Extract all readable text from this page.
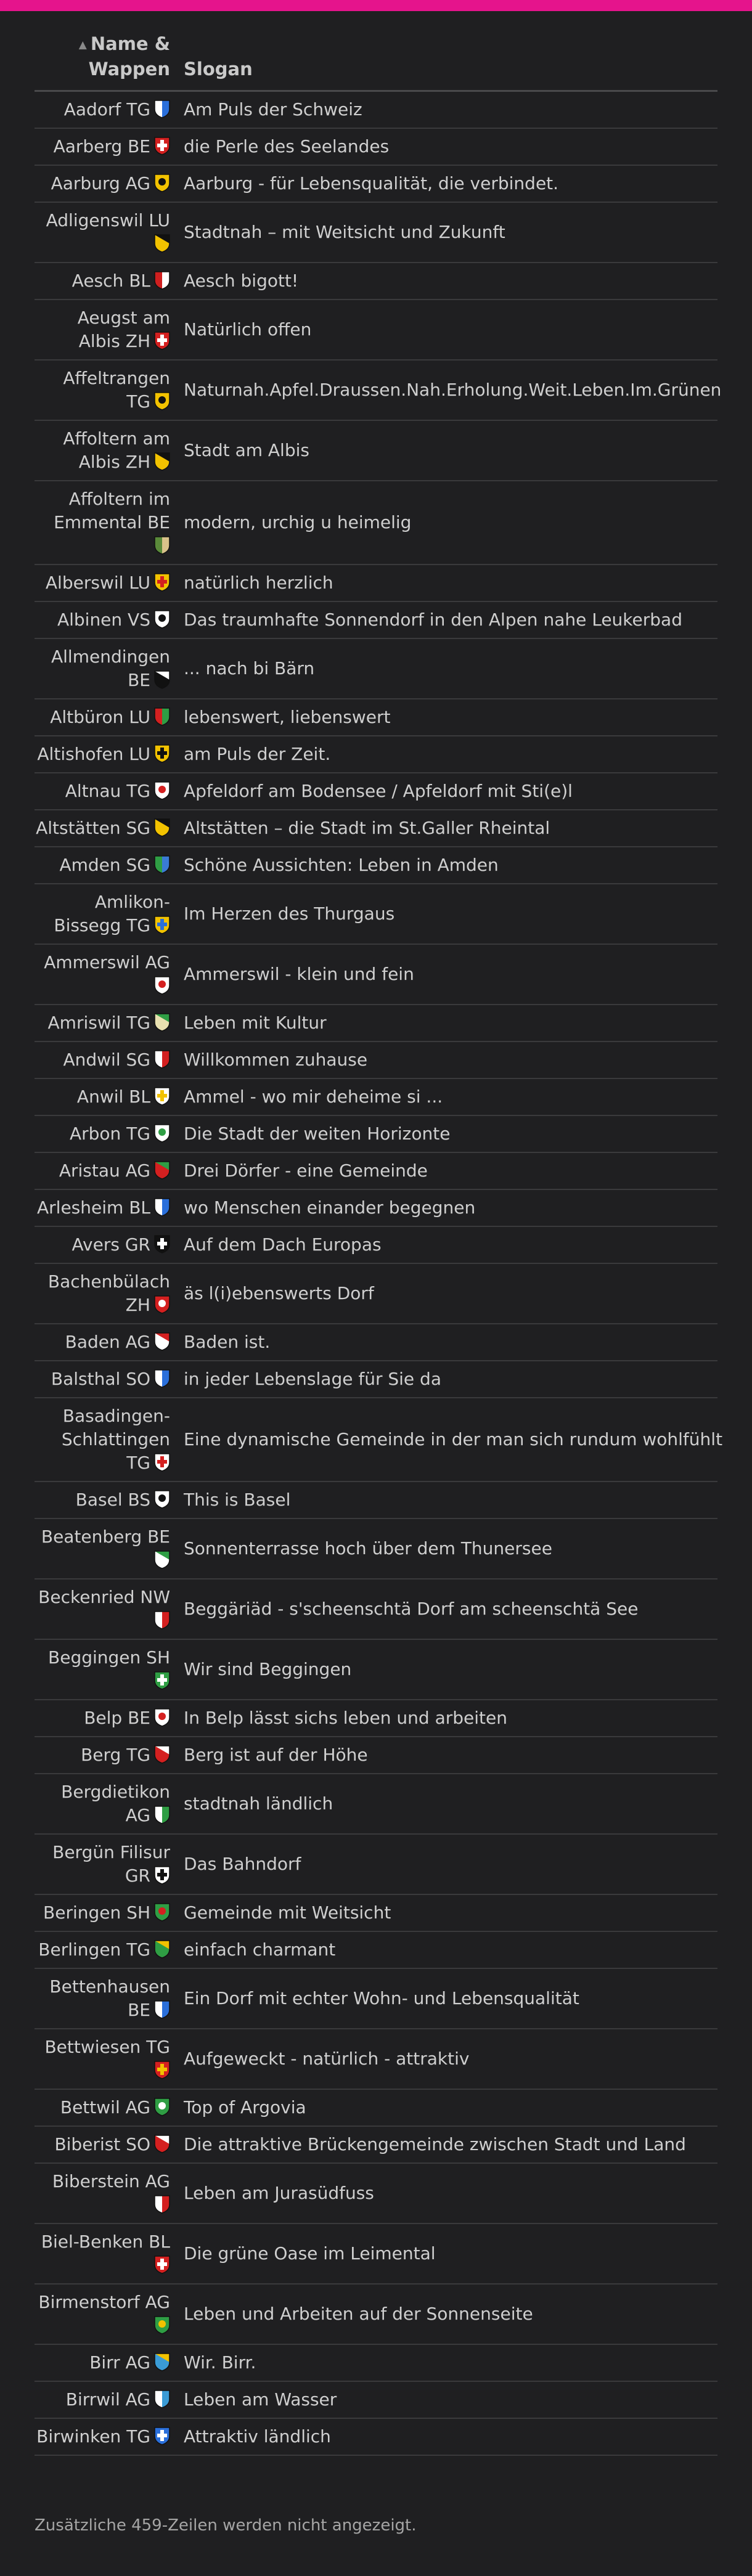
▲ Name & Wappen	Slogan
Aadorf TG	Am Puls der Schweiz
Aarberg BE	die Perle des Seelandes
Aarburg AG	Aarburg - für Lebensqualität, die verbindet.
Adligenswil LU	Stadtnah – mit Weitsicht und Zukunft
Aesch BL	Aesch bigott!
Aeugst am Albis ZH	Natürlich offen
Affeltrangen TG	Naturnah.Apfel.Draussen.Nah.Erholung.Weit.Leben.Im.Grünen
Affoltern am Albis ZH	Stadt am Albis
Affoltern im Emmental BE	modern, urchig u heimelig
Alberswil LU	natürlich herzlich
Albinen VS	Das traumhafte Sonnendorf in den Alpen nahe Leukerbad
Allmendingen BE	... nach bi Bärn
Altbüron LU	lebenswert, liebenswert
Altishofen LU	am Puls der Zeit.
Altnau TG	Apfeldorf am Bodensee / Apfeldorf mit Sti(e)l
Altstätten SG	Altstätten – die Stadt im St.Galler Rheintal
Amden SG	Schöne Aussichten: Leben in Amden
Amlikon-Bissegg TG	Im Herzen des Thurgaus
Ammerswil AG	Ammerswil - klein und fein
Amriswil TG	Leben mit Kultur
Andwil SG	Willkommen zuhause
Anwil BL	Ammel - wo mir deheime si ...
Arbon TG	Die Stadt der weiten Horizonte
Aristau AG	Drei Dörfer - eine Gemeinde
Arlesheim BL	wo Menschen einander begegnen
Avers GR	Auf dem Dach Europas
Bachenbülach ZH	äs l(i)ebenswerts Dorf
Baden AG	Baden ist.
Balsthal SO	in jeder Lebenslage für Sie da
Basadingen-Schlattingen TG	Eine dynamische Gemeinde in der man sich rundum wohlfühlt
Basel BS	This is Basel
Beatenberg BE	Sonnenterrasse hoch über dem Thunersee
Beckenried NW	Beggäriäd - s'scheenschtä Dorf am scheenschtä See
Beggingen SH	Wir sind Beggingen
Belp BE	In Belp lässt sichs leben und arbeiten
Berg TG	Berg ist auf der Höhe
Bergdietikon AG	stadtnah ländlich
Bergün Filisur GR	Das Bahndorf
Beringen SH	Gemeinde mit Weitsicht
Berlingen TG	einfach charmant
Bettenhausen BE	Ein Dorf mit echter Wohn- und Lebensqualität
Bettwiesen TG	Aufgeweckt - natürlich - attraktiv
Bettwil AG	Top of Argovia
Biberist SO	Die attraktive Brückengemeinde zwischen Stadt und Land
Biberstein AG	Leben am Jurasüdfuss
Biel-Benken BL	Die grüne Oase im Leimental
Birmenstorf AG	Leben und Arbeiten auf der Sonnenseite
Birr AG	Wir. Birr.
Birrwil AG	Leben am Wasser
Birwinken TG	Attraktiv ländlich
Zusätzliche 459-Zeilen werden nicht angezeigt.
